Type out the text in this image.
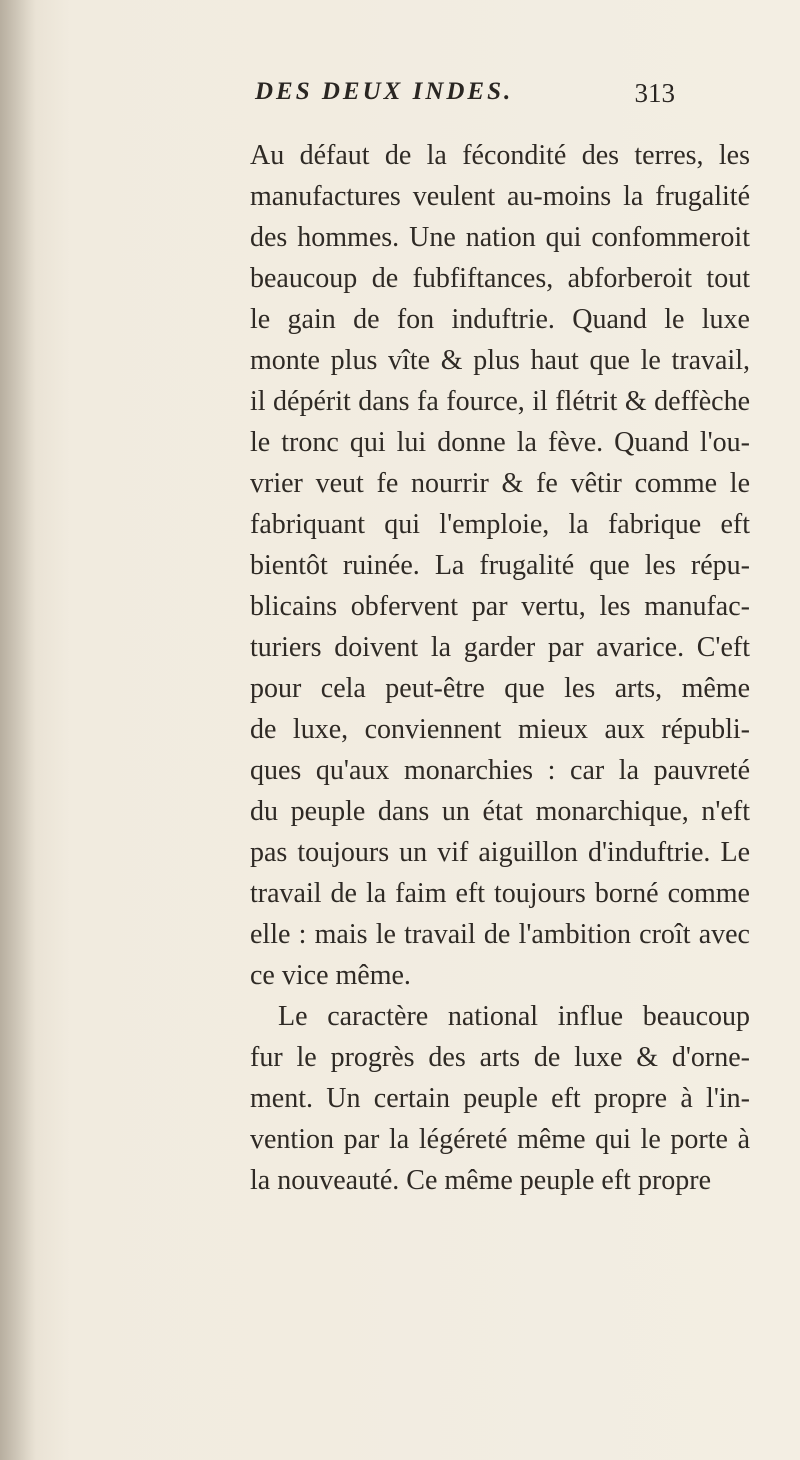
DES DEUX INDES.	313
Au défaut de la fécondité des terres, les
manufactures veulent au-moins la frugalité
des hommes. Une nation qui confommeroit
beaucoup de fubfiftances, abforberoit tout
le gain de fon induftrie. Quand le luxe
monte plus vîte & plus haut que le travail,
il dépérit dans fa fource, il flétrit & deffèche
le tronc qui lui donne la fève. Quand l'ou-
vrier veut fe nourrir & fe vêtir comme le
fabriquant qui l'emploie, la fabrique eft
bientôt ruinée. La frugalité que les répu-
blicains obfervent par vertu, les manufac-
turiers doivent la garder par avarice. C'eft
pour cela peut-être que les arts, même
de luxe, conviennent mieux aux républi-
ques qu'aux monarchies : car la pauvreté
du peuple dans un état monarchique, n'eft
pas toujours un vif aiguillon d'induftrie. Le
travail de la faim eft toujours borné comme
elle : mais le travail de l'ambition croît avec
ce vice même.
Le caractère national influe beaucoup
fur le progrès des arts de luxe & d'orne-
ment. Un certain peuple eft propre à l'in-
vention par la légéreté même qui le porte à
la nouveauté. Ce même peuple eft propre
